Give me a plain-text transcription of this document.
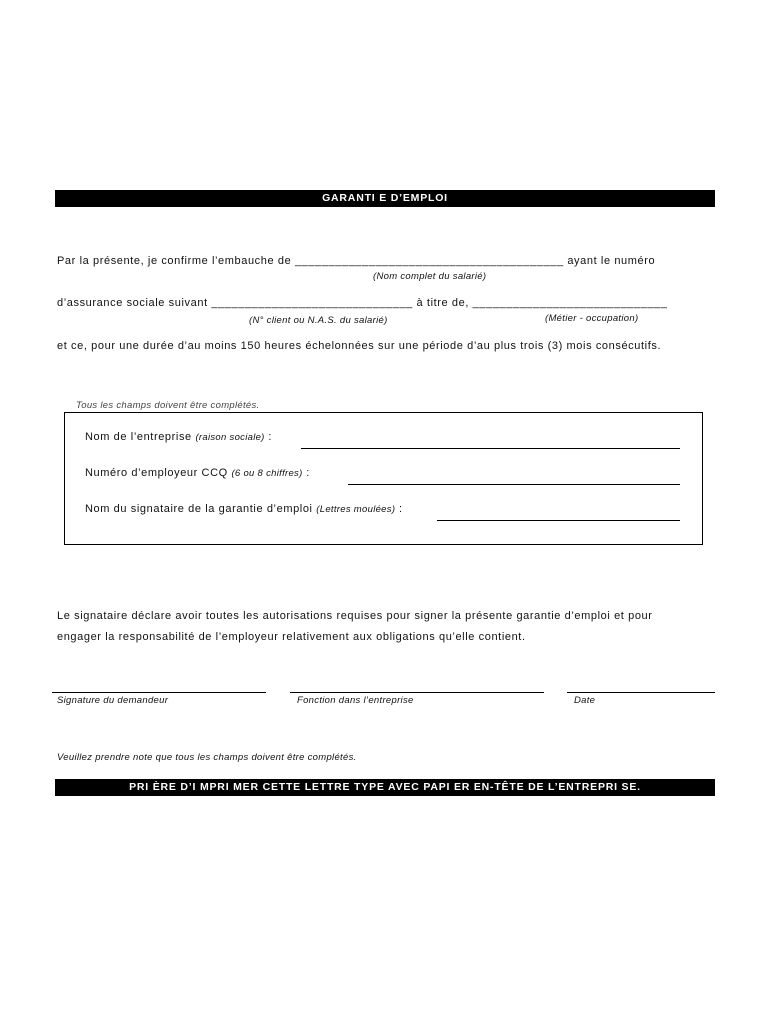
GARANTI E D’EMPLOI
Par la présente, je confirme l’embauche de ________________________________________ ayant le numéro
(Nom complet du salarié)
d’assurance sociale suivant ______________________________ à titre de, _____________________________
(N° client ou N.A.S. du salarié)	(Métier - occupation)
et ce, pour une durée d’au moins 150 heures échelonnées sur une période d’au plus trois (3) mois consécutifs.
Tous les champs doivent être complétés.
Nom de l’entreprise (raison sociale) :
Numéro d’employeur CCQ (6 ou 8 chiffres) :
Nom du signataire de la garantie d’emploi (Lettres moulées) :
Le signataire déclare avoir toutes les autorisations requises pour signer la présente garantie d’emploi et pour
engager la responsabilité de l’employeur relativement aux obligations qu’elle contient.
Signature du demandeur	Fonction dans l’entreprise	Date
Veuillez prendre note que tous les champs doivent être complétés.
PRI ÈRE D’I MPRI MER CETTE LETTRE TYPE AVEC PAPI ER EN-TÊTE DE L’ENTREPRI SE.
